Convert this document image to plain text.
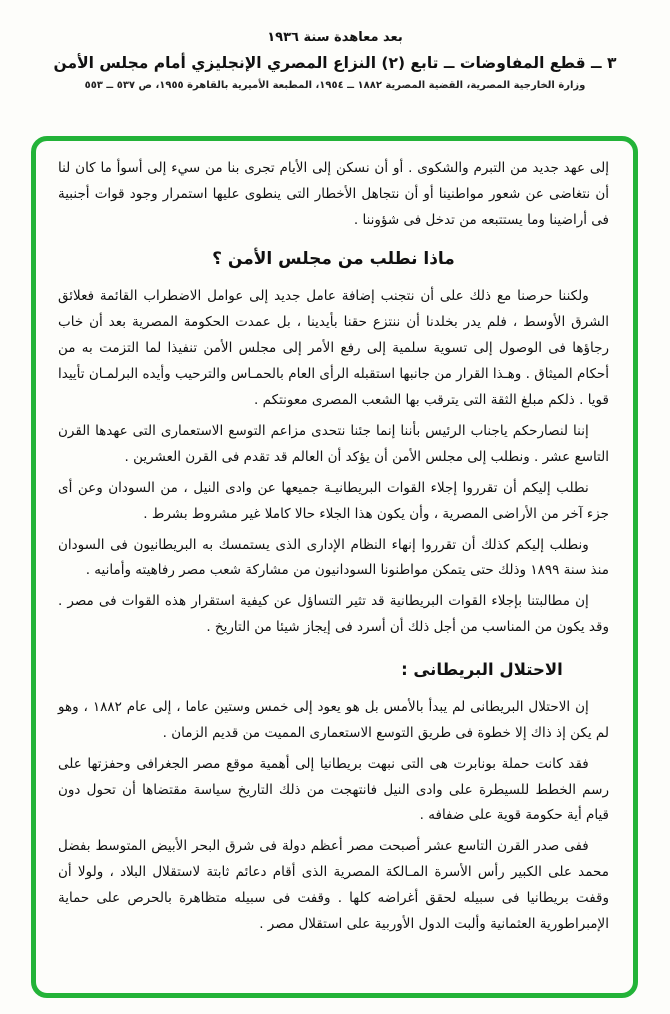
بعد معاهدة سنة ١٩٣٦
٣ ــ قطع المفاوضات ــ تابع (٢) النزاع المصري الإنجليزي أمام مجلس الأمن
وزارة الخارجية المصرية، القضية المصرية ١٨٨٢ ــ ١٩٥٤، المطبعة الأميرية بالقاهرة ١٩٥٥، ص ٥٣٧ ــ ٥٥٣

إلى عهد جديد من التبرم والشكوى . أو أن نسكن إلى الأيام تجرى بنا من سيء إلى أسوأ ما كان لنا أن نتغاضى عن شعور مواطنينا أو أن نتجاهل الأخطار التى ينطوى عليها استمرار وجود قوات أجنبية فى أراضينا وما يستتبعه من تدخل فى شؤوننا .

ماذا نطلب من مجلس الأمن ؟

ولكننا حرصنا مع ذلك على أن نتجنب إضافة عامل جديد إلى عوامل الاضطراب القائمة فعلائق الشرق الأوسط ، فلم يدر بخلدنا أن ننتزع حقنا بأيدينا ، بل عمدت الحكومة المصرية بعد أن خاب رجاؤها فى الوصول إلى تسوية سلمية إلى رفع الأمر إلى مجلس الأمن تنفيذا لما التزمت به من أحكام الميثاق . وهـذا القرار من جانبها استقبله الرأى العام بالحمـاس والترحيب وأيده البرلمـان تأييدا قويا . ذلكم مبلغ الثقة التى يترقب بها الشعب المصرى معونتكم .

إننا لنصارحكم ياجناب الرئيس بأننا إنما جئنا نتحدى مزاعم التوسع الاستعمارى التى عهدها القرن التاسع عشر . ونطلب إلى مجلس الأمن أن يؤكد أن العالم قد تقدم فى القرن العشرين .

نطلب إليكم أن تقرروا إجلاء القوات البريطانيـة جميعها عن وادى النيل ، من السودان وعن أى جزء آخر من الأراضى المصرية ، وأن يكون هذا الجلاء حالا كاملا غير مشروط بشرط .

ونطلب إليكم كذلك أن تقرروا إنهاء النظام الإدارى الذى يستمسك به البريطانيون فى السودان منذ سنة ١٨٩٩ وذلك حتى يتمكن مواطنونا السودانيون من مشاركة شعب مصر رفاهيته وأمانيه .

إن مطالبتنا بإجلاء القوات البريطانية قد تثير التساؤل عن كيفية استقرار هذه القوات فى مصر . وقد يكون من المناسب من أجل ذلك أن أسرد فى إيجاز شيئا من التاريخ .

الاحتلال البريطانى :

إن الاحتلال البريطانى لم يبدأ بالأمس بل هو يعود إلى خمس وستين عاما ، إلى عام ١٨٨٢ ، وهو لم يكن إذ ذاك إلا خطوة فى طريق التوسع الاستعمارى المميت من قديم الزمان .

فقد كانت حملة بونابرت هى التى نبهت بريطانيا إلى أهمية موقع مصر الجغرافى وحفزتها على رسم الخطط للسيطرة على وادى النيل فانتهجت من ذلك التاريخ سياسة مقتضاها أن تحول دون قيام أية حكومة قوية على ضفافه .

ففى صدر القرن التاسع عشر أصبحت مصر أعظم دولة فى شرق البحر الأبيض المتوسط بفضل محمد على الكبير رأس الأسرة المـالكة المصرية الذى أقام دعائم ثابتة لاستقلال البلاد ، ولولا أن وقفت بريطانيا فى سبيله لحقق أغراضه كلها . وقفت فى سبيله متظاهرة بالحرص على حماية الإمبراطورية العثمانية وألبت الدول الأوربية على استقلال مصر .
